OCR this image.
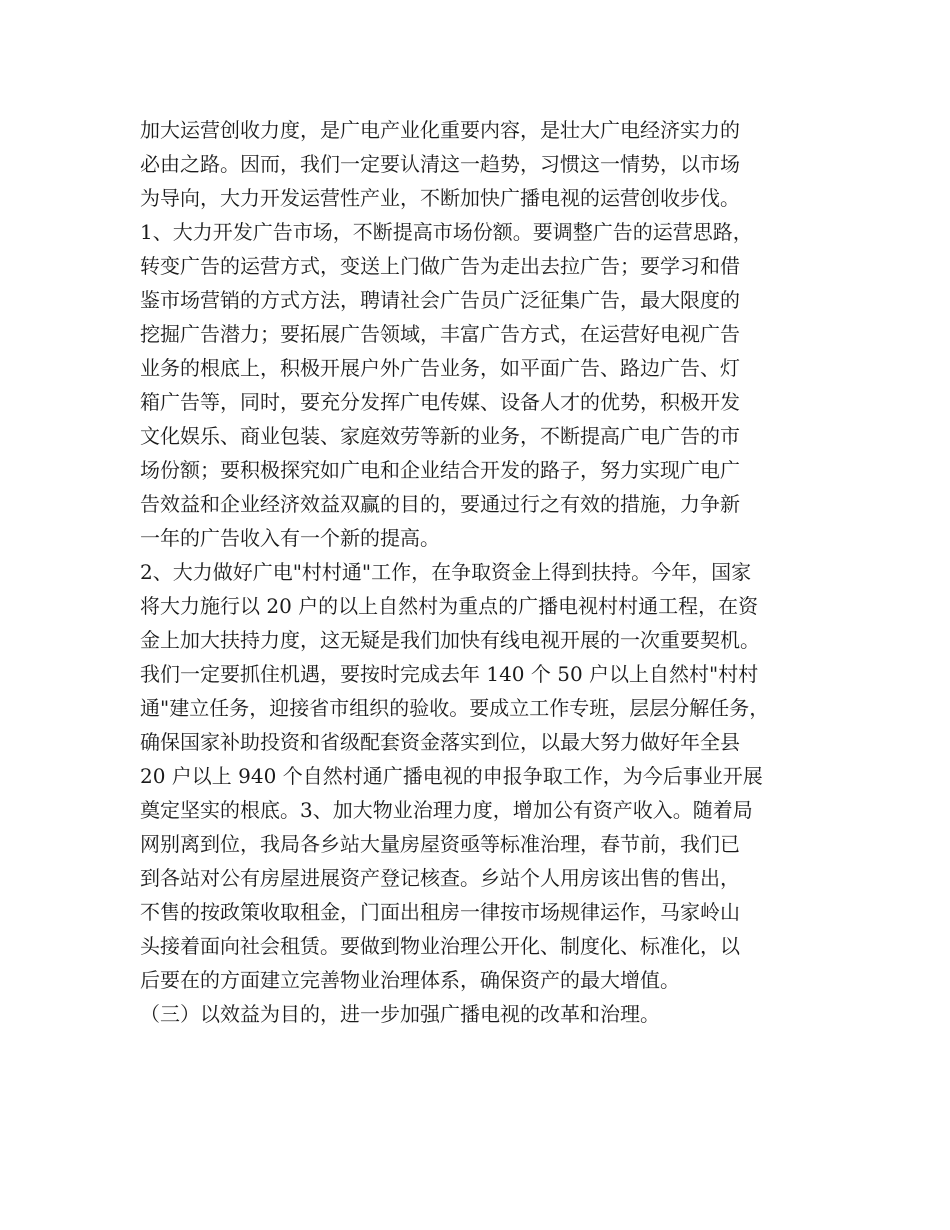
加大运营创收力度，是广电产业化重要内容，是壮大广电经济实力的
必由之路。因而，我们一定要认清这一趋势，习惯这一情势，以市场
为导向，大力开发运营性产业，不断加快广播电视的运营创收步伐。
1、大力开发广告市场，不断提高市场份额。要调整广告的运营思路，
转变广告的运营方式，变送上门做广告为走出去拉广告；要学习和借
鉴市场营销的方式方法，聘请社会广告员广泛征集广告，最大限度的
挖掘广告潜力；要拓展广告领域，丰富广告方式，在运营好电视广告
业务的根底上，积极开展户外广告业务，如平面广告、路边广告、灯
箱广告等，同时，要充分发挥广电传媒、设备人才的优势，积极开发
文化娱乐、商业包装、家庭效劳等新的业务，不断提高广电广告的市
场份额；要积极探究如广电和企业结合开发的路子，努力实现广电广
告效益和企业经济效益双赢的目的，要通过行之有效的措施，力争新
一年的广告收入有一个新的提高。
2、大力做好广电"村村通"工作，在争取资金上得到扶持。今年，国家
将大力施行以 20 户的以上自然村为重点的广播电视村村通工程，在资
金上加大扶持力度，这无疑是我们加快有线电视开展的一次重要契机。
我们一定要抓住机遇，要按时完成去年 140 个 50 户以上自然村"村村
通"建立任务，迎接省市组织的验收。要成立工作专班，层层分解任务，
确保国家补助投资和省级配套资金落实到位，以最大努力做好年全县
20 户以上 940 个自然村通广播电视的申报争取工作，为今后事业开展
奠定坚实的根底。3、加大物业治理力度，增加公有资产收入。随着局
网别离到位，我局各乡站大量房屋资亟等标准治理，春节前，我们已
到各站对公有房屋进展资产登记核查。乡站个人用房该出售的售出，
不售的按政策收取租金，门面出租房一律按市场规律运作，马家岭山
头接着面向社会租赁。要做到物业治理公开化、制度化、标准化，以
后要在的方面建立完善物业治理体系，确保资产的最大增值。
（三）以效益为目的，进一步加强广播电视的改革和治理。
